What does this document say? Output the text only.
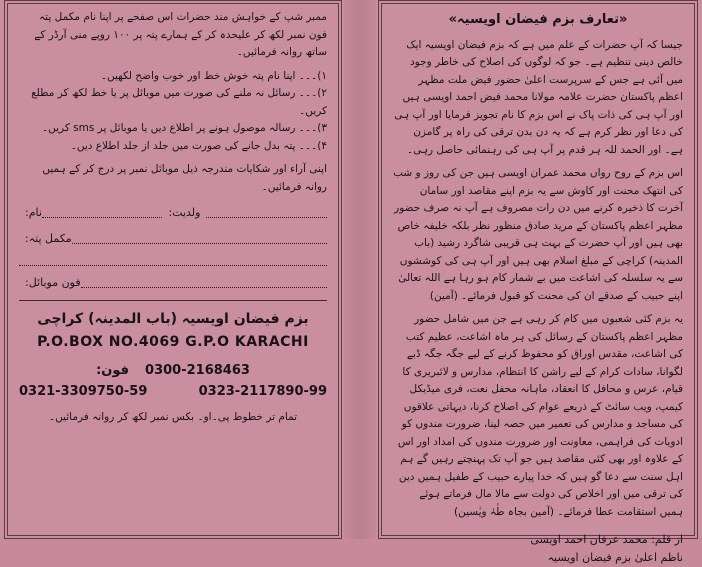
ممبر شپ کے خواہش مند حضرات اس صفحے پر اپنا نام مکمل پتہ فون نمبر لکھ کر علیحدہ کر کے ہمارے پتہ پر ۱۰۰ روپے منی آرڈر کے ساتھ روانہ فرمائیں۔

۱)۔۔۔ اپنا نام پتہ خوش خط اور خوب واضح لکھیں۔
۲)۔۔۔ رسائل نہ ملنے کی صورت میں موبائل پر یا خط لکھ کر مطلع کریں۔
۳)۔۔۔ رسالہ موصول ہونے پر اطلاع دیں یا موبائل پر sms کریں۔
۴)۔۔۔ پتہ بدل جانے کی صورت میں جلد از جلد اطلاع دیں۔

اپنی آراء اور شکایات مندرجہ ذیل موبائل نمبر پر درج کر کے ہمیں روانہ فرمائیں۔

نام:	ولدیت:
مکمل پتہ:
فون موبائل:
بزم فیضان اویسیہ (باب المدینہ) کراچی
P.O.BOX NO.4069 G.P.O KARACHI
0300-2168463
فون:
0321-3309750-59	0323-2117890-99

تمام تر خطوط پی۔او۔ بکس نمبر لکھ کر روانہ فرمائیں۔

«تعارف بزم فیضان اویسیہ»

جیسا کہ آپ حضرات کے علم میں ہے کہ بزم فیضان اویسیہ ایک خالص دینی تنظیم ہے۔ جو کہ لوگوں کی اصلاح کی خاطر وجود میں آئی ہے جس کے سرپرست اعلیٰ حضور فیض ملت مظہر اعظم پاکستان حضرت علامہ مولانا محمد فیض احمد اویسی ہیں اور آپ ہی کی ذات پاک نے اس بزم کا نام تجویز فرمایا اور آپ ہی کی دعا اور نظر کرم ہے کہ یہ دن بدن ترقی کی راہ پر گامزن ہے۔ اور الحمد للہ ہر قدم پر آپ ہی کی رہنمائی حاصل رہی۔

اس بزم کے روح رواں محمد عمران اویسی ہیں جن کی روز و شب کی انتھک محنت اور کاوش سے یہ بزم اپنے مقاصد اور سامان آخرت کا ذخیرہ کرنے میں دن رات مصروف ہے آپ نہ صرف حضور مظہر اعظم پاکستان کے مرید صادق منظور نظر بلکہ خلیفہ خاص بھی ہیں اور آپ حضرت کے بہت ہی قریبی شاگرد رشید (باب المدینہ) کراچی کے مبلغ اسلام بھی ہیں اور آپ ہی کی کوششوں سے یہ سلسلہ کی اشاعت میں بے شمار کام ہو رہا ہے اللہ تعالیٰ اپنے حبیب کے صدقے ان کی محنت کو قبول فرمائے۔ (آمین)

یہ بزم کئی شعبوں میں کام کر رہی ہے جن میں شامل حضور مظہر اعظم پاکستان کے رسائل کی ہر ماہ اشاعت، عظیم کتب کی اشاعت، مقدس اوراق کو محفوظ کرنے کے لیے جگہ جگہ ڈبے لگوانا، سادات کرام کے لیے راشن کا انتظام، مدارس و لائبریری کا قیام، عرس و محافل کا انعقاد، ماہانہ محفل نعت، فری میڈیکل کیمپ، ویب سائٹ کے ذریعے عوام کی اصلاح کرنا، دیہاتی علاقوں کی مساجد و مدارس کی تعمیر میں حصہ لینا، ضرورت مندوں کو ادویات کی فراہمی، معاونت اور ضرورت مندوں کی امداد اور اس کے علاوہ اور بھی کئی مقاصد ہیں جو آپ تک پہنچتے رہیں گے ہم اہل سنت سے دعا گو ہیں کہ خدا پیارے حبیب کے طفیل ہمیں دین کی ترقی میں اور اخلاص کی دولت سے مالا مال فرماتے ہوئے ہمیں استقامت عطا فرمائے۔ (آمین بجاہ طٰہٰ ویٰسین)

از قلم: محمد عرفان احمد اویسی
ناظم اعلیٰ بزم فیضان اویسیہ
